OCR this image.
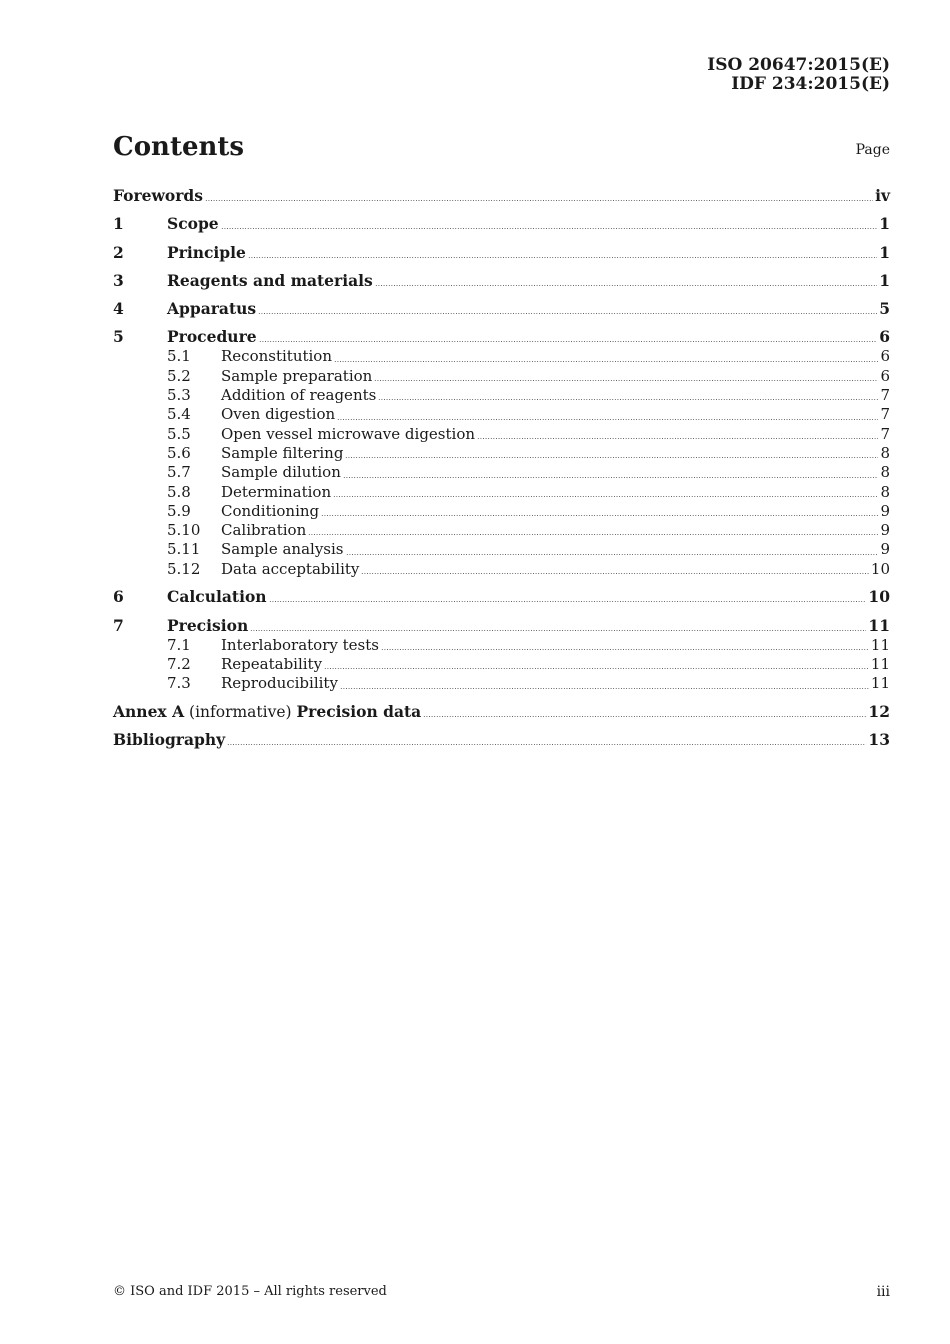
ISO 20647:2015(E)
IDF 234:2015(E)
Contents	Page
Forewords	iv
1	Scope	1
2	Principle	1
3	Reagents and materials	1
4	Apparatus	5
5	Procedure	6
5.1	Reconstitution	6
5.2	Sample preparation	6
5.3	Addition of reagents	7
5.4	Oven digestion	7
5.5	Open vessel microwave digestion	7
5.6	Sample filtering	8
5.7	Sample dilution	8
5.8	Determination	8
5.9	Conditioning	9
5.10	Calibration	9
5.11	Sample analysis	9
5.12	Data acceptability	10
6	Calculation	10
7	Precision	11
7.1	Interlaboratory tests	11
7.2	Repeatability	11
7.3	Reproducibility	11
Annex A (informative) Precision data	12
Bibliography	13
© ISO and IDF 2015 – All rights reserved	iii
